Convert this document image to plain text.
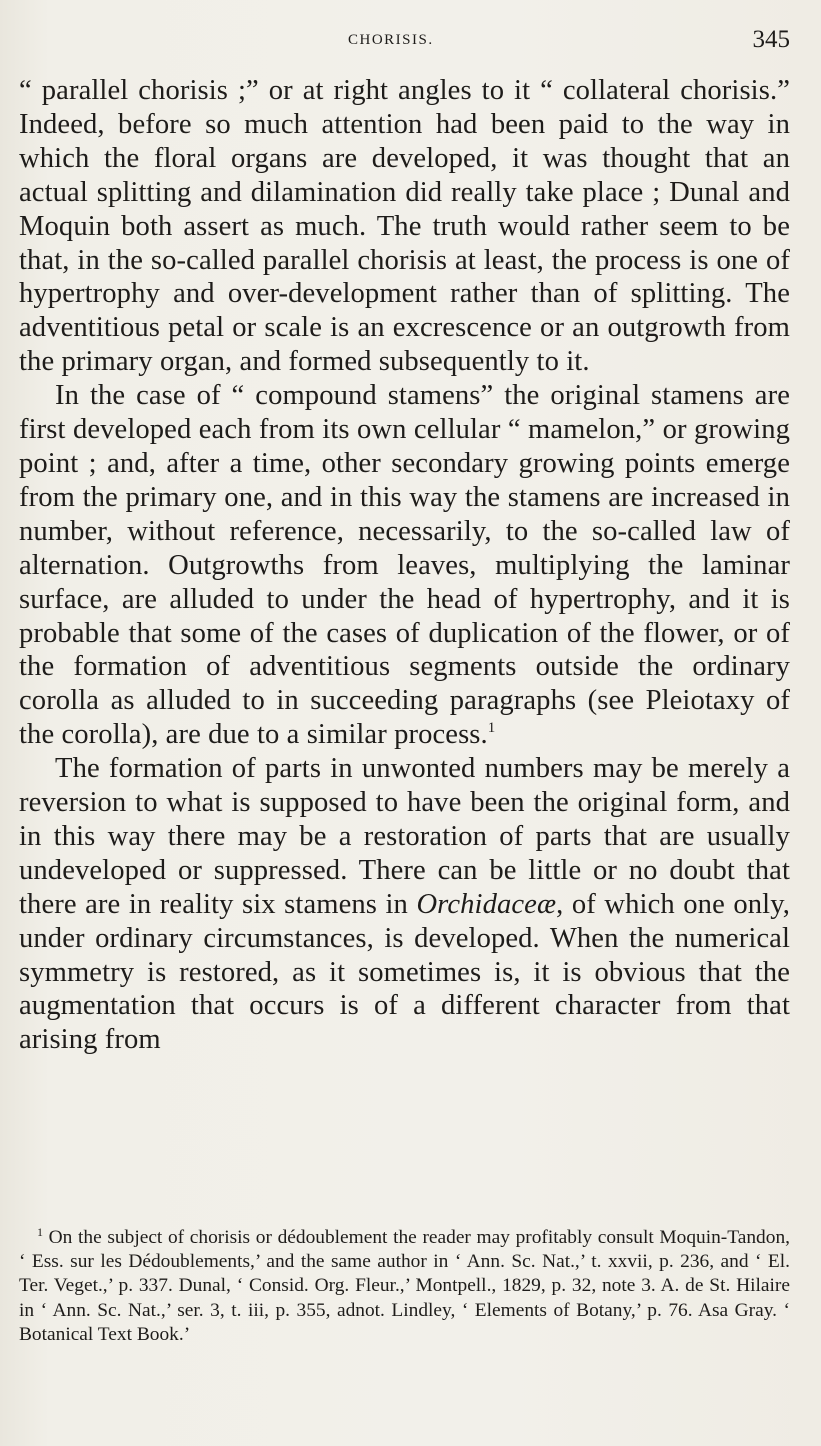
CHORISIS.	345

“ parallel chorisis ;” or at right angles to it “ collateral chorisis.” Indeed, before so much attention had been paid to the way in which the floral organs are developed, it was thought that an actual splitting and dilamination did really take place ; Dunal and Moquin both assert as much. The truth would rather seem to be that, in the so-called parallel chorisis at least, the process is one of hypertrophy and over-development rather than of splitting. The adventitious petal or scale is an excrescence or an outgrowth from the primary organ, and formed subsequently to it.

In the case of “ compound stamens” the original stamens are first developed each from its own cellular “ mamelon,” or growing point ; and, after a time, other secondary growing points emerge from the primary one, and in this way the stamens are increased in number, without reference, necessarily, to the so-called law of alternation. Outgrowths from leaves, multiplying the laminar surface, are alluded to under the head of hypertrophy, and it is probable that some of the cases of duplication of the flower, or of the formation of adventitious segments outside the ordinary corolla as alluded to in succeeding paragraphs (see Pleiotaxy of the corolla), are due to a similar process.$^1$

The formation of parts in unwonted numbers may be merely a reversion to what is supposed to have been the original form, and in this way there may be a restoration of parts that are usually undeveloped or suppressed. There can be little or no doubt that there are in reality six stamens in Orchidaceæ, of which one only, under ordinary circumstances, is developed. When the numerical symmetry is restored, as it sometimes is, it is obvious that the augmentation that occurs is of a different character from that arising from

$^1$ On the subject of chorisis or dédoublement the reader may profitably consult Moquin-Tandon, ‘ Ess. sur les Dédoublements,’ and the same author in ‘ Ann. Sc. Nat.,’ t. xxvii, p. 236, and ‘ El. Ter. Veget.,’ p. 337. Dunal, ‘ Consid. Org. Fleur.,’ Montpell., 1829, p. 32, note 3. A. de St. Hilaire in ‘ Ann. Sc. Nat.,’ ser. 3, t. iii, p. 355, adnot. Lindley, ‘ Elements of Botany,’ p. 76. Asa Gray. ‘ Botanical Text Book.’
